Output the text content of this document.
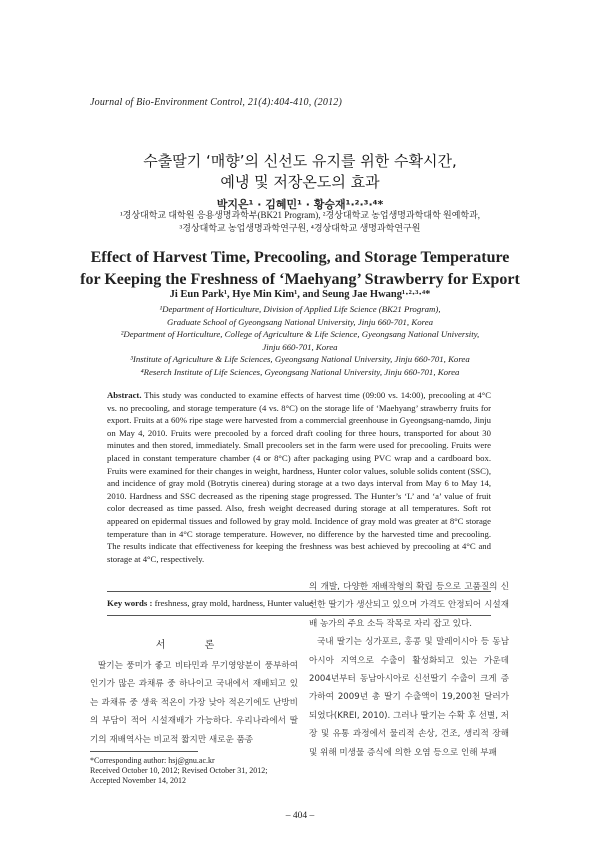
Journal of Bio-Environment Control, 21(4):404-410, (2012)
수출딸기 ‘매향’의 신선도 유지를 위한 수확시간,
예냉 및 저장온도의 효과
박지은¹ · 김혜민¹ · 황승재¹·²·³·⁴*
¹경상대학교 대학원 응용생명과학부(BK21 Program), ²경상대학교 농업생명과학대학 원예학과,
³경상대학교 농업생명과학연구원, ⁴경상대학교 생명과학연구원
Effect of Harvest Time, Precooling, and Storage Temperature
for Keeping the Freshness of ‘Maehyang’ Strawberry for Export
Ji Eun Park¹, Hye Min Kim¹, and Seung Jae Hwang¹·²·³·⁴*
¹Department of Horticulture, Division of Applied Life Science (BK21 Program),
Graduate School of Gyeongsang National University, Jinju 660-701, Korea
²Department of Horticulture, College of Agriculture & Life Science, Gyeongsang National University,
Jinju 660-701, Korea
³Institute of Agriculture & Life Sciences, Gyeongsang National University, Jinju 660-701, Korea
⁴Reserch Institute of Life Sciences, Gyeongsang National University, Jinju 660-701, Korea
Abstract. This study was conducted to examine effects of harvest time (09:00 vs. 14:00), precooling at 4°C vs. no precooling, and storage temperature (4 vs. 8°C) on the storage life of ‘Maehyang’ strawberry fruits for export. Fruits at a 60% ripe stage were harvested from a commercial greenhouse in Gyeongsang-namdo, Jinju on May 4, 2010. Fruits were precooled by a forced draft cooling for three hours, transported for about 30 minutes and then stored, immediately. Small precoolers set in the farm were used for precooling. Fruits were placed in constant temperature chamber (4 or 8°C) after packaging using PVC wrap and a cardboard box. Fruits were examined for their changes in weight, hardness, Hunter color values, soluble solids content (SSC), and incidence of gray mold (Botrytis cinerea) during storage at a two days interval from May 6 to May 14, 2010. Hardness and SSC decreased as the ripening stage progressed. The Hunter’s ‘L’ and ‘a’ value of fruit color decreased as time passed. Also, fresh weight decreased during storage at all temperatures. Soft rot appeared on epidermal tissues and followed by gray mold. Incidence of gray mold was greater at 8°C storage temperature than in 4°C storage temperature. However, no difference by the harvested time and precooling. The results indicate that effectiveness for keeping the freshness was best achieved by precooling at 4°C and storage at 4°C, respectively.
Key words : freshness, gray mold, hardness, Hunter value
서 론
딸기는 풍미가 좋고 비타민과 무기영양분이 풍부하여 인기가 많은 과채류 중 하나이고 국내에서 재배되고 있는 과채류 중 생육 적온이 가장 낮아 적온기에도 난방비의 부담이 적어 시설재배가 가능하다. 우리나라에서 딸기의 재배역사는 비교적 짧지만 새로운 품종

의 개발, 다양한 재배작형의 확립 등으로 고품질의 신선한 딸기가 생산되고 있으며 가격도 안정되어 시설재배 농가의 주요 소득 작목로 자리 잡고 있다.

국내 딸기는 싱가포르, 홍콩 및 말레이시아 등 동남아시아 지역으로 수출이 활성화되고 있는 가운데 2004년부터 동남아시아로 신선딸기 수출이 크게 증가하여 2009년 총 딸기 수출액이 19,200천 달러가 되었다(KREI, 2010). 그러나 딸기는 수확 후 선별, 저장 및 유통 과정에서 물리적 손상, 건조, 생리적 장해 및 위해 미생물 증식에 의한 오염 등으로 인해 부패

*Corresponding author: hsj@gnu.ac.kr
Received October 10, 2012; Revised October 31, 2012;
Accepted November 14, 2012
– 404 –
